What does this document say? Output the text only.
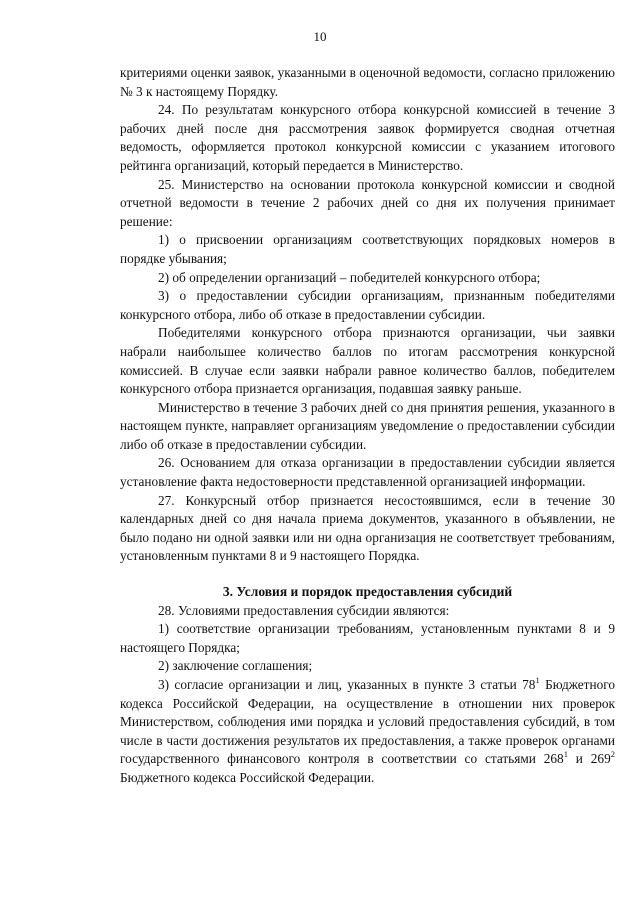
10

критериями оценки заявок, указанными в оценочной ведомости, согласно приложению № 3 к настоящему Порядку.

24. По результатам конкурсного отбора конкурсной комиссией в течение 3 рабочих дней после дня рассмотрения заявок формируется сводная отчетная ведомость, оформляется протокол конкурсной комиссии с указанием итогового рейтинга организаций, который передается в Министерство.

25. Министерство на основании протокола конкурсной комиссии и сводной отчетной ведомости в течение 2 рабочих дней со дня их получения принимает решение:

1) о присвоении организациям соответствующих порядковых номеров в порядке убывания;

2) об определении организаций – победителей конкурсного отбора;

3) о предоставлении субсидии организациям, признанным победителями конкурсного отбора, либо об отказе в предоставлении субсидии.

Победителями конкурсного отбора признаются организации, чьи заявки набрали наибольшее количество баллов по итогам рассмотрения конкурсной комиссией. В случае если заявки набрали равное количество баллов, победителем конкурсного отбора признается организация, подавшая заявку раньше.

Министерство в течение 3 рабочих дней со дня принятия решения, указанного в настоящем пункте, направляет организациям уведомление о предоставлении субсидии либо об отказе в предоставлении субсидии.

26. Основанием для отказа организации в предоставлении субсидии является установление факта недостоверности представленной организацией информации.

27. Конкурсный отбор признается несостоявшимся, если в течение 30 календарных дней со дня начала приема документов, указанного в объявлении, не было подано ни одной заявки или ни одна организация не соответствует требованиям, установленным пунктами 8 и 9 настоящего Порядка.

3. Условия и порядок предоставления субсидий

28. Условиями предоставления субсидии являются:

1) соответствие организации требованиям, установленным пунктами 8 и 9 настоящего Порядка;

2) заключение соглашения;

3) согласие организации и лиц, указанных в пункте 3 статьи $78^1$ Бюджетного кодекса Российской Федерации, на осуществление в отношении них проверок Министерством, соблюдения ими порядка и условий предоставления субсидий, в том числе в части достижения результатов их предоставления, а также проверок органами государственного финансового контроля в соответствии со статьями $268^1$ и $269^2$ Бюджетного кодекса Российской Федерации.
